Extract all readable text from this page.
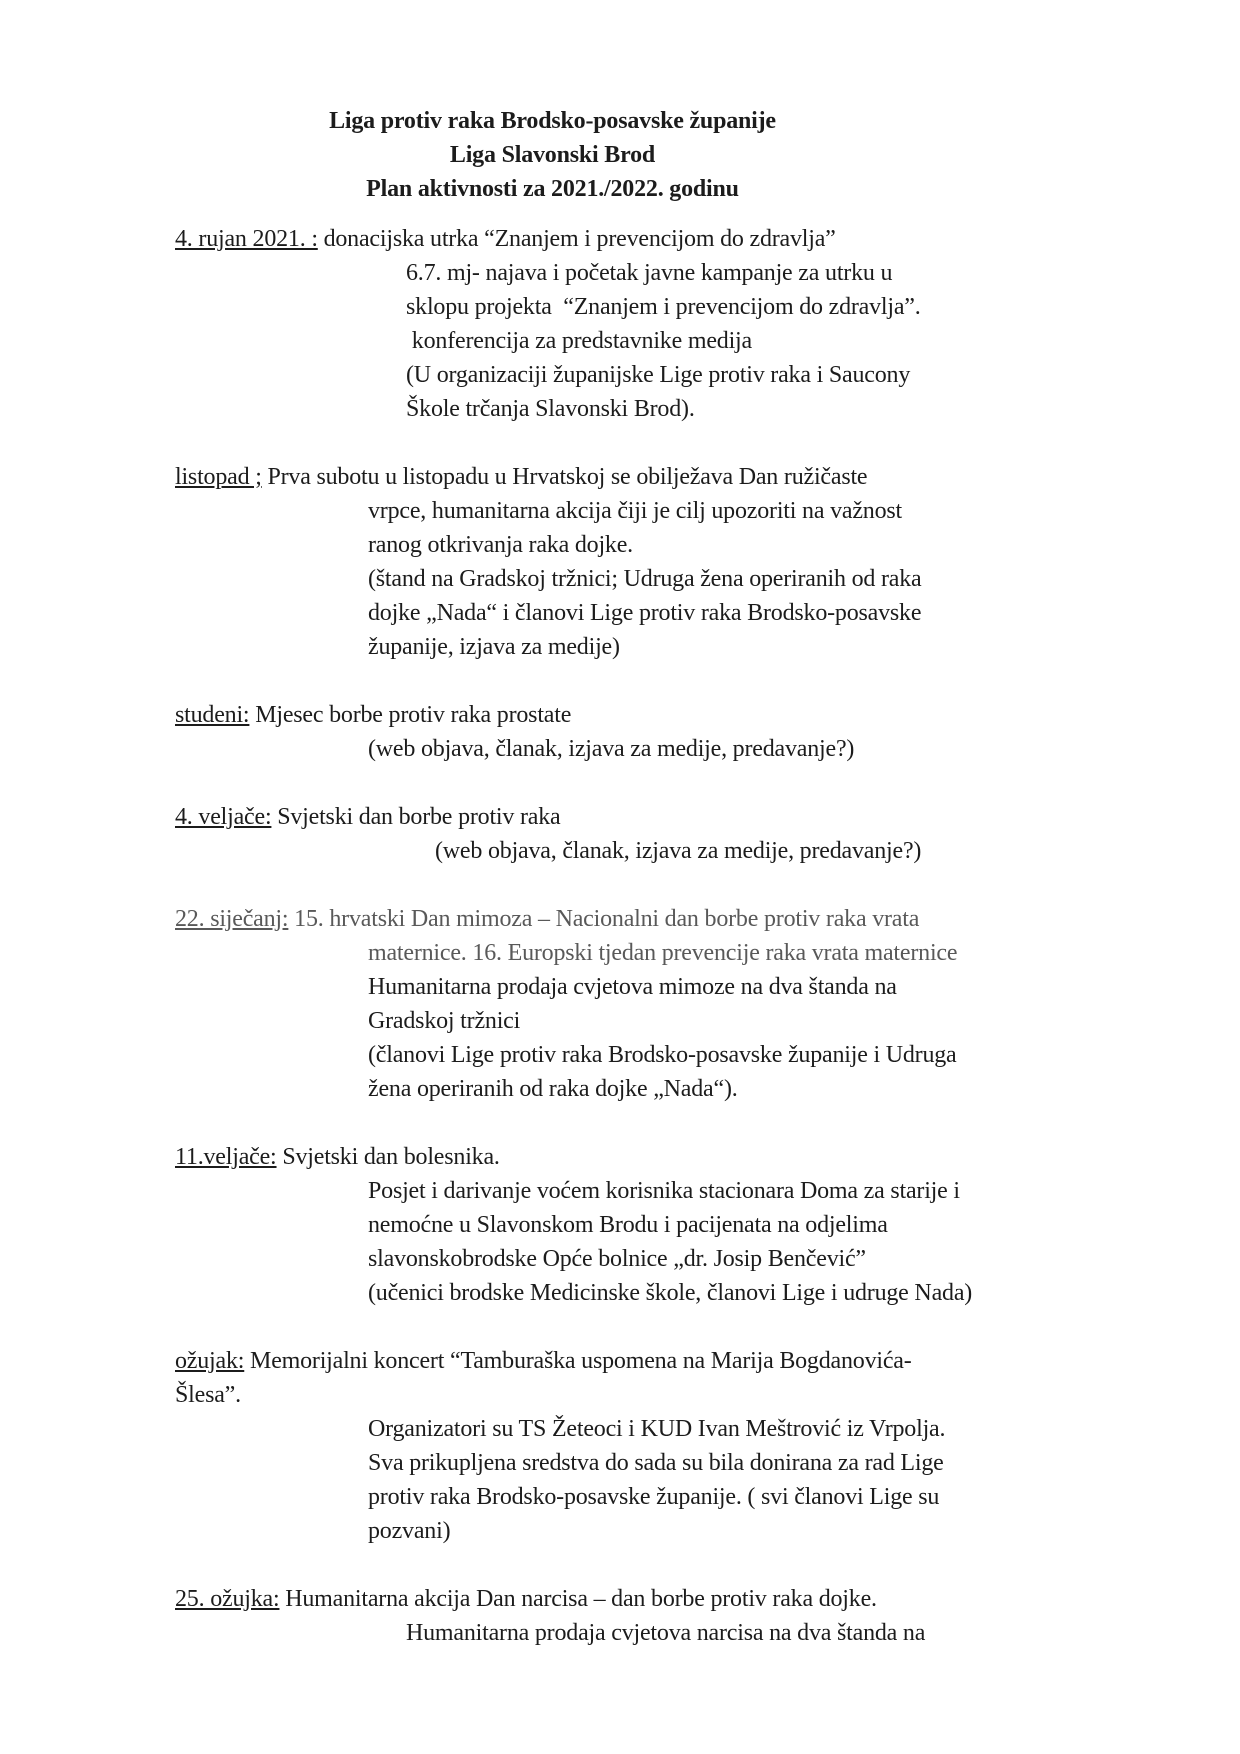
Liga protiv raka Brodsko-posavske županije
Liga Slavonski Brod
Plan aktivnosti za 2021./2022. godinu
4. rujan 2021. : donacijska utrka “Znanjem i prevencijom do zdravlja”
6.7. mj- najava i početak javne kampanje za utrku u
sklopu projekta  “Znanjem i prevencijom do zdravlja”.
konferencija za predstavnike medija
(U organizaciji županijske Lige protiv raka i Saucony
Škole trčanja Slavonski Brod).
listopad ; Prva subotu u listopadu u Hrvatskoj se obilježava Dan ružičaste
vrpce, humanitarna akcija čiji je cilj upozoriti na važnost
ranog otkrivanja raka dojke.
(štand na Gradskoj tržnici; Udruga žena operiranih od raka
dojke „Nada“ i članovi Lige protiv raka Brodsko-posavske
županije, izjava za medije)
studeni: Mjesec borbe protiv raka prostate
(web objava, članak, izjava za medije, predavanje?)
4. veljače: Svjetski dan borbe protiv raka
(web objava, članak, izjava za medije, predavanje?)
22. siječanj: 15. hrvatski Dan mimoza – Nacionalni dan borbe protiv raka vrata
maternice. 16. Europski tjedan prevencije raka vrata maternice
Humanitarna prodaja cvjetova mimoze na dva štanda na
Gradskoj tržnici
(članovi Lige protiv raka Brodsko-posavske županije i Udruga
žena operiranih od raka dojke „Nada“).
11.veljače: Svjetski dan bolesnika.
Posjet i darivanje voćem korisnika stacionara Doma za starije i
nemoćne u Slavonskom Brodu i pacijenata na odjelima
slavonskobrodske Opće bolnice „dr. Josip Benčević”
(učenici brodske Medicinske škole, članovi Lige i udruge Nada)
ožujak: Memorijalni koncert “Tamburaška uspomena na Marija Bogdanovića-
Šlesa”.
Organizatori su TS Žeteoci i KUD Ivan Meštrović iz Vrpolja.
Sva prikupljena sredstva do sada su bila donirana za rad Lige
protiv raka Brodsko-posavske županije. ( svi članovi Lige su
pozvani)
25. ožujka: Humanitarna akcija Dan narcisa – dan borbe protiv raka dojke.
Humanitarna prodaja cvjetova narcisa na dva štanda na
